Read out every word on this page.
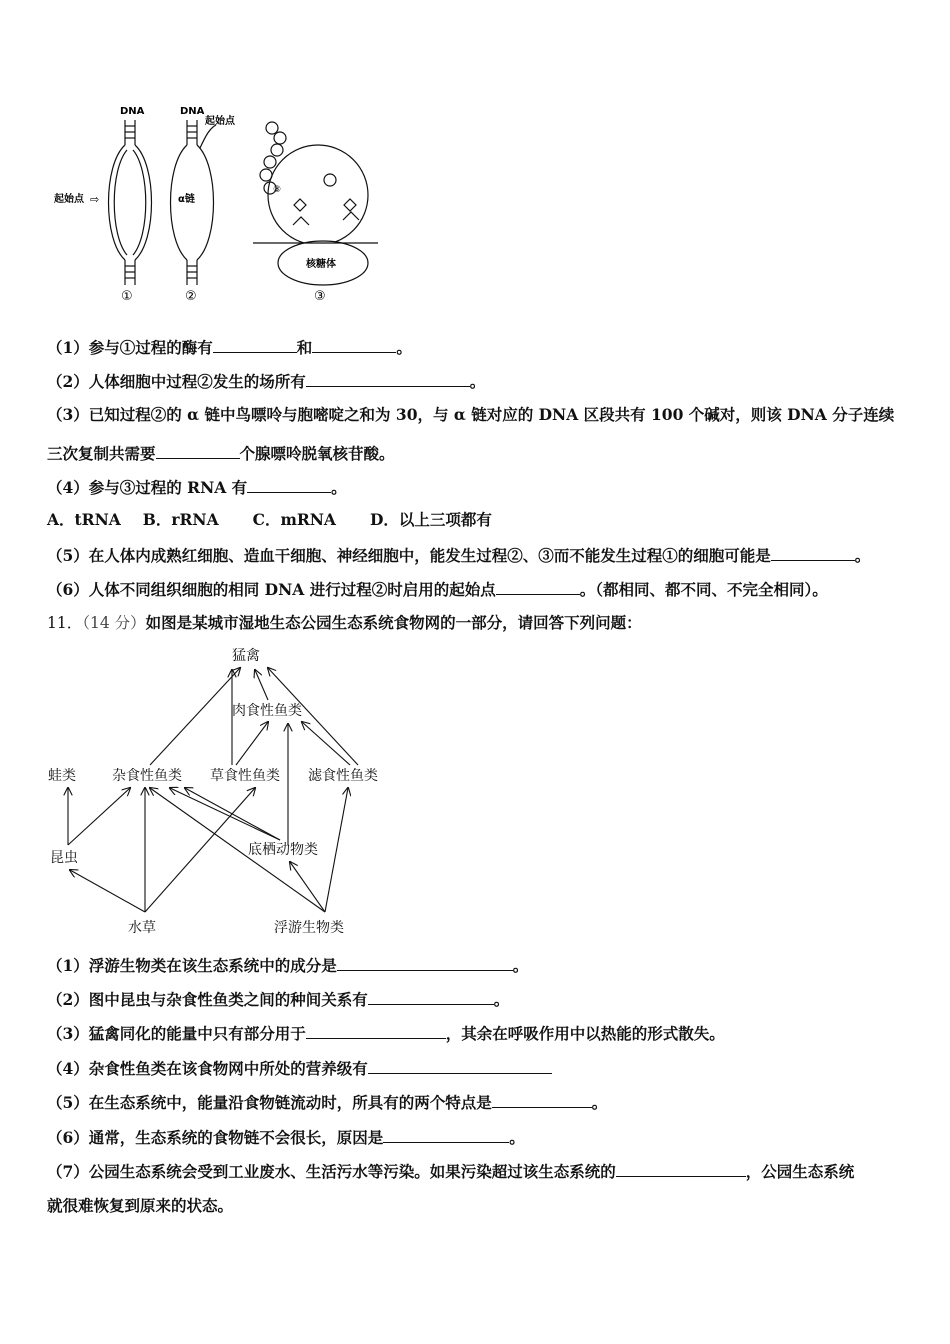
DNA
起始点 ⇨
①
DNA
起始点
α链
②
⑧
核糖体
③
（1）参与①过程的酶有	和	。
（2）人体细胞中过程②发生的场所有	。
（3）已知过程②的 α 链中鸟嘌呤与胞嘧啶之和为 30，与 α 链对应的 DNA 区段共有 100 个碱对，则该 DNA 分子连续
三次复制共需要	个腺嘌呤脱氧核苷酸。
（4）参与③过程的 RNA 有	。
A．tRNA B．rRNA C．mRNA D．以上三项都有
（5）在人体内成熟红细胞、造血干细胞、神经细胞中，能发生过程②、③而不能发生过程①的细胞可能是	。
（6）人体不同组织细胞的相同 DNA 进行过程②时启用的起始点	。（都相同、都不同、不完全相同）。
11．（14 分）如图是某城市湿地生态公园生态系统食物网的一部分，请回答下列问题：
猛禽
肉食性鱼类
蛙类	杂食性鱼类 草食性鱼类 滤食性鱼类
昆虫	底栖动物类
水草	浮游生物类
（1）浮游生物类在该生态系统中的成分是	。
（2）图中昆虫与杂食性鱼类之间的种间关系有	。
（3）猛禽同化的能量中只有部分用于	，其余在呼吸作用中以热能的形式散失。
（4）杂食性鱼类在该食物网中所处的营养级有
（5）在生态系统中，能量沿食物链流动时，所具有的两个特点是	。
（6）通常，生态系统的食物链不会很长，原因是	。
（7）公园生态系统会受到工业废水、生活污水等污染。如果污染超过该生态系统的	，公园生态系统
就很难恢复到原来的状态。
